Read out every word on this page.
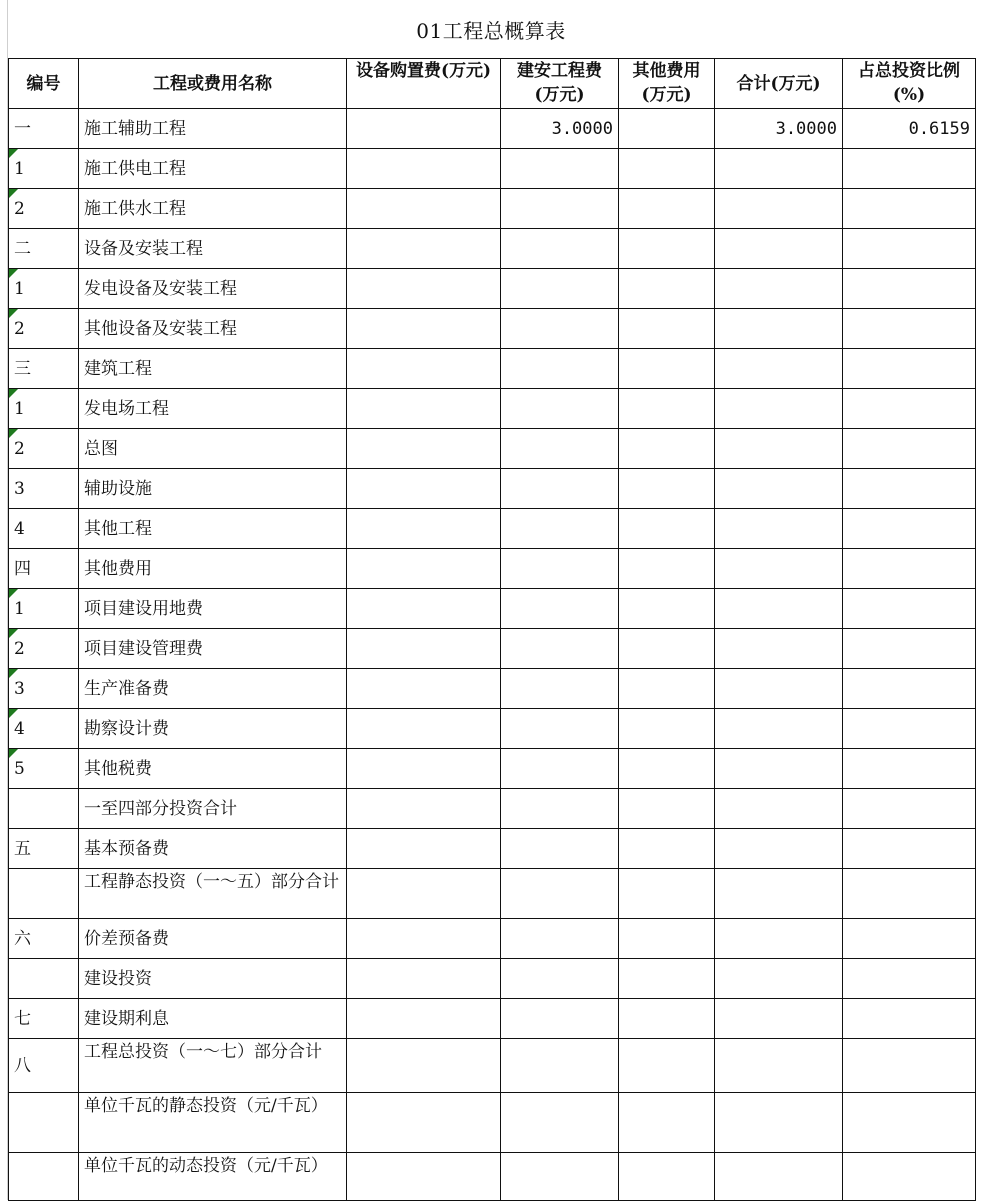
01工程总概算表
编号	工程或费用名称	设备购置费(万元)	建安工程费(万元)	其他费用(万元)	合计(万元)	占总投资比例(%)
一	施工辅助工程		3.0000		3.0000	0.6159

1	施工供电工程					

2	施工供水工程					
二	设备及安装工程					

1	发电设备及安装工程					

2	其他设备及安装工程					
三	建筑工程					

1	发电场工程					

2	总图					
3	辅助设施					
4	其他工程					
四	其他费用					

1	项目建设用地费					

2	项目建设管理费					

3	生产准备费					

4	勘察设计费					

5	其他税费					
	一至四部分投资合计					
五	基本预备费					
	工程静态投资（一～五）部分合计					
六	价差预备费					
	建设投资					
七	建设期利息					
八	工程总投资（一～七）部分合计					
	单位千瓦的静态投资（元/千瓦）					
	单位千瓦的动态投资（元/千瓦）					
